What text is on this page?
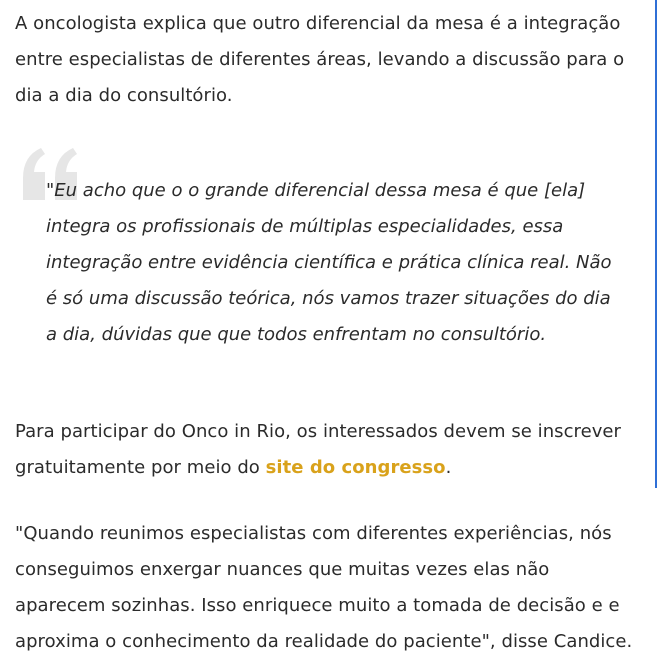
A oncologista explica que outro diferencial da mesa é a integração entre especialistas de diferentes áreas, levando a discussão para o dia a dia do consultório.

"Eu acho que o o grande diferencial dessa mesa é que [ela] integra os profissionais de múltiplas especialidades, essa integração entre evidência científica e prática clínica real. Não é só uma discussão teórica, nós vamos trazer situações do dia a dia, dúvidas que que todos enfrentam no consultório.

Para participar do Onco in Rio, os interessados devem se inscrever gratuitamente por meio do site do congresso.

"Quando reunimos especialistas com diferentes experiências, nós conseguimos enxergar nuances que muitas vezes elas não aparecem sozinhas. Isso enriquece muito a tomada de decisão e e aproxima o conhecimento da realidade do paciente", disse Candice.
